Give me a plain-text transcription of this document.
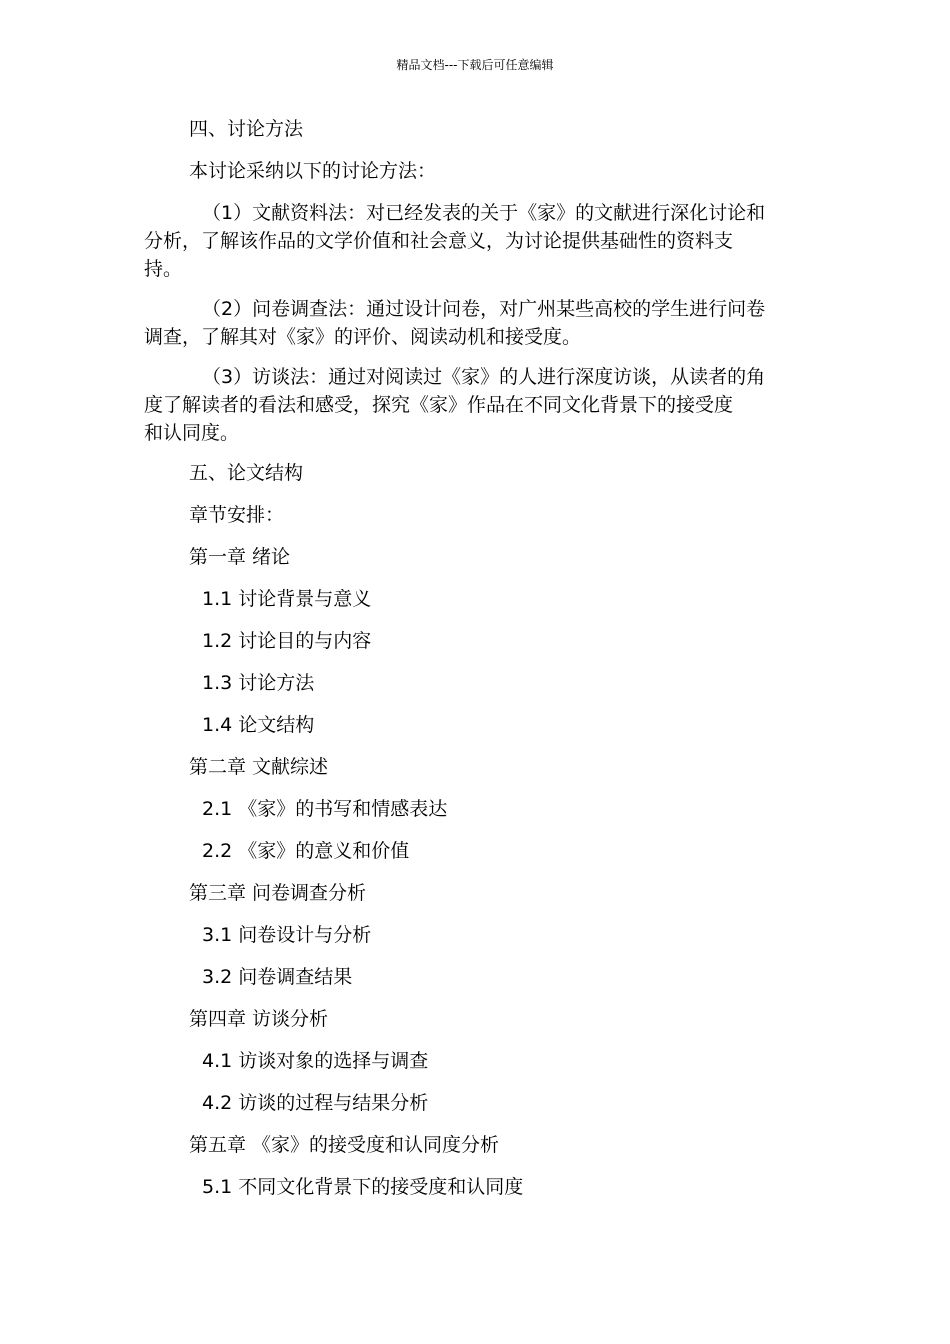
精品文档---下载后可任意编辑
四、讨论方法
本讨论采纳以下的讨论方法：
（1）文献资料法：对已经发表的关于《家》的文献进行深化讨论和
分析，了解该作品的文学价值和社会意义，为讨论提供基础性的资料支
持。
（2）问卷调查法：通过设计问卷，对广州某些高校的学生进行问卷
调查，了解其对《家》的评价、阅读动机和接受度。
（3）访谈法：通过对阅读过《家》的人进行深度访谈，从读者的角
度了解读者的看法和感受，探究《家》作品在不同文化背景下的接受度
和认同度。
五、论文结构
章节安排：
第一章 绪论
1.1 讨论背景与意义
1.2 讨论目的与内容
1.3 讨论方法
1.4 论文结构
第二章 文献综述
2.1 《家》的书写和情感表达
2.2 《家》的意义和价值
第三章 问卷调查分析
3.1 问卷设计与分析
3.2 问卷调查结果
第四章 访谈分析
4.1 访谈对象的选择与调查
4.2 访谈的过程与结果分析
第五章 《家》的接受度和认同度分析
5.1 不同文化背景下的接受度和认同度
